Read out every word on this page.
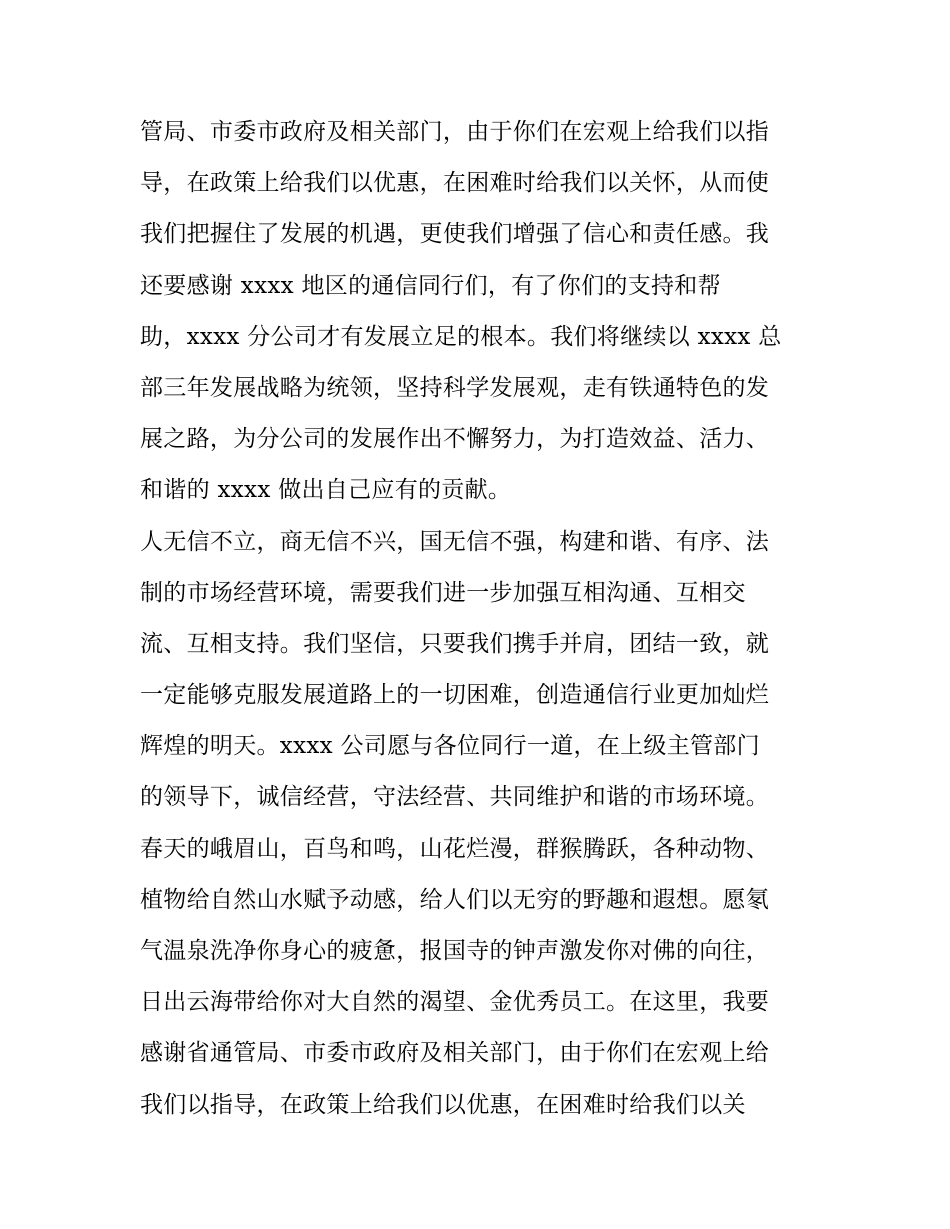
管局、市委市政府及相关部门，由于你们在宏观上给我们以指
导，在政策上给我们以优惠，在困难时给我们以关怀，从而使
我们把握住了发展的机遇，更使我们增强了信心和责任感。我
还要感谢 xxxx 地区的通信同行们，有了你们的支持和帮
助，xxxx 分公司才有发展立足的根本。我们将继续以 xxxx 总
部三年发展战略为统领，坚持科学发展观，走有铁通特色的发
展之路，为分公司的发展作出不懈努力，为打造效益、活力、
和谐的 xxxx 做出自己应有的贡献。
人无信不立，商无信不兴，国无信不强，构建和谐、有序、法
制的市场经营环境，需要我们进一步加强互相沟通、互相交
流、互相支持。我们坚信，只要我们携手并肩，团结一致，就
一定能够克服发展道路上的一切困难，创造通信行业更加灿烂
辉煌的明天。xxxx 公司愿与各位同行一道，在上级主管部门
的领导下，诚信经营，守法经营、共同维护和谐的市场环境。
春天的峨眉山，百鸟和鸣，山花烂漫，群猴腾跃，各种动物、
植物给自然山水赋予动感，给人们以无穷的野趣和遐想。愿氡
气温泉洗净你身心的疲惫，报国寺的钟声激发你对佛的向往，
日出云海带给你对大自然的渴望、金优秀员工。在这里，我要
感谢省通管局、市委市政府及相关部门，由于你们在宏观上给
我们以指导，在政策上给我们以优惠，在困难时给我们以关
